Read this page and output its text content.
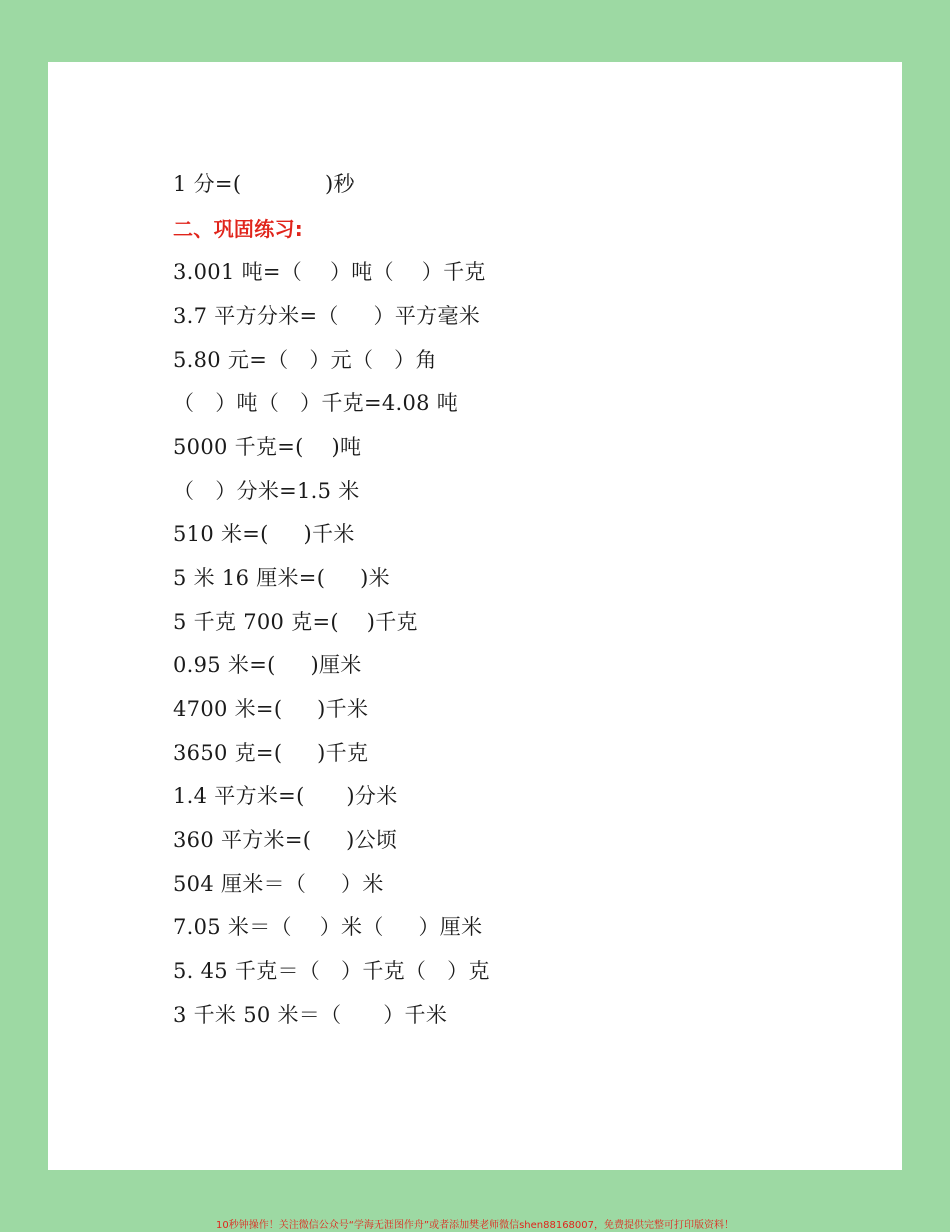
1 分=(            )秒
二、巩固练习:
3.001 吨=（    ）吨（    ）千克
3.7 平方分米=（     ）平方毫米
5.80 元=（   ）元（   ）角
（   ）吨（   ）千克=4.08 吨
5000 千克=(    )吨
（   ）分米=1.5 米
510 米=(     )千米
5 米 16 厘米=(     )米
5 千克 700 克=(    )千克
0.95 米=(     )厘米
4700 米=(     )千米
3650 克=(     )千克
1.4 平方米=(      )分米
360 平方米=(     )公顷
504 厘米＝（     ）米
7.05 米＝（    ）米（     ）厘米
5. 45 千克＝（   ）千克（   ）克
3 千米 50 米＝（      ）千米
10秒钟操作！关注微信公众号“学海无涯图作舟”或者添加樊老师微信shen88168007，免费提供完整可打印版资料！
